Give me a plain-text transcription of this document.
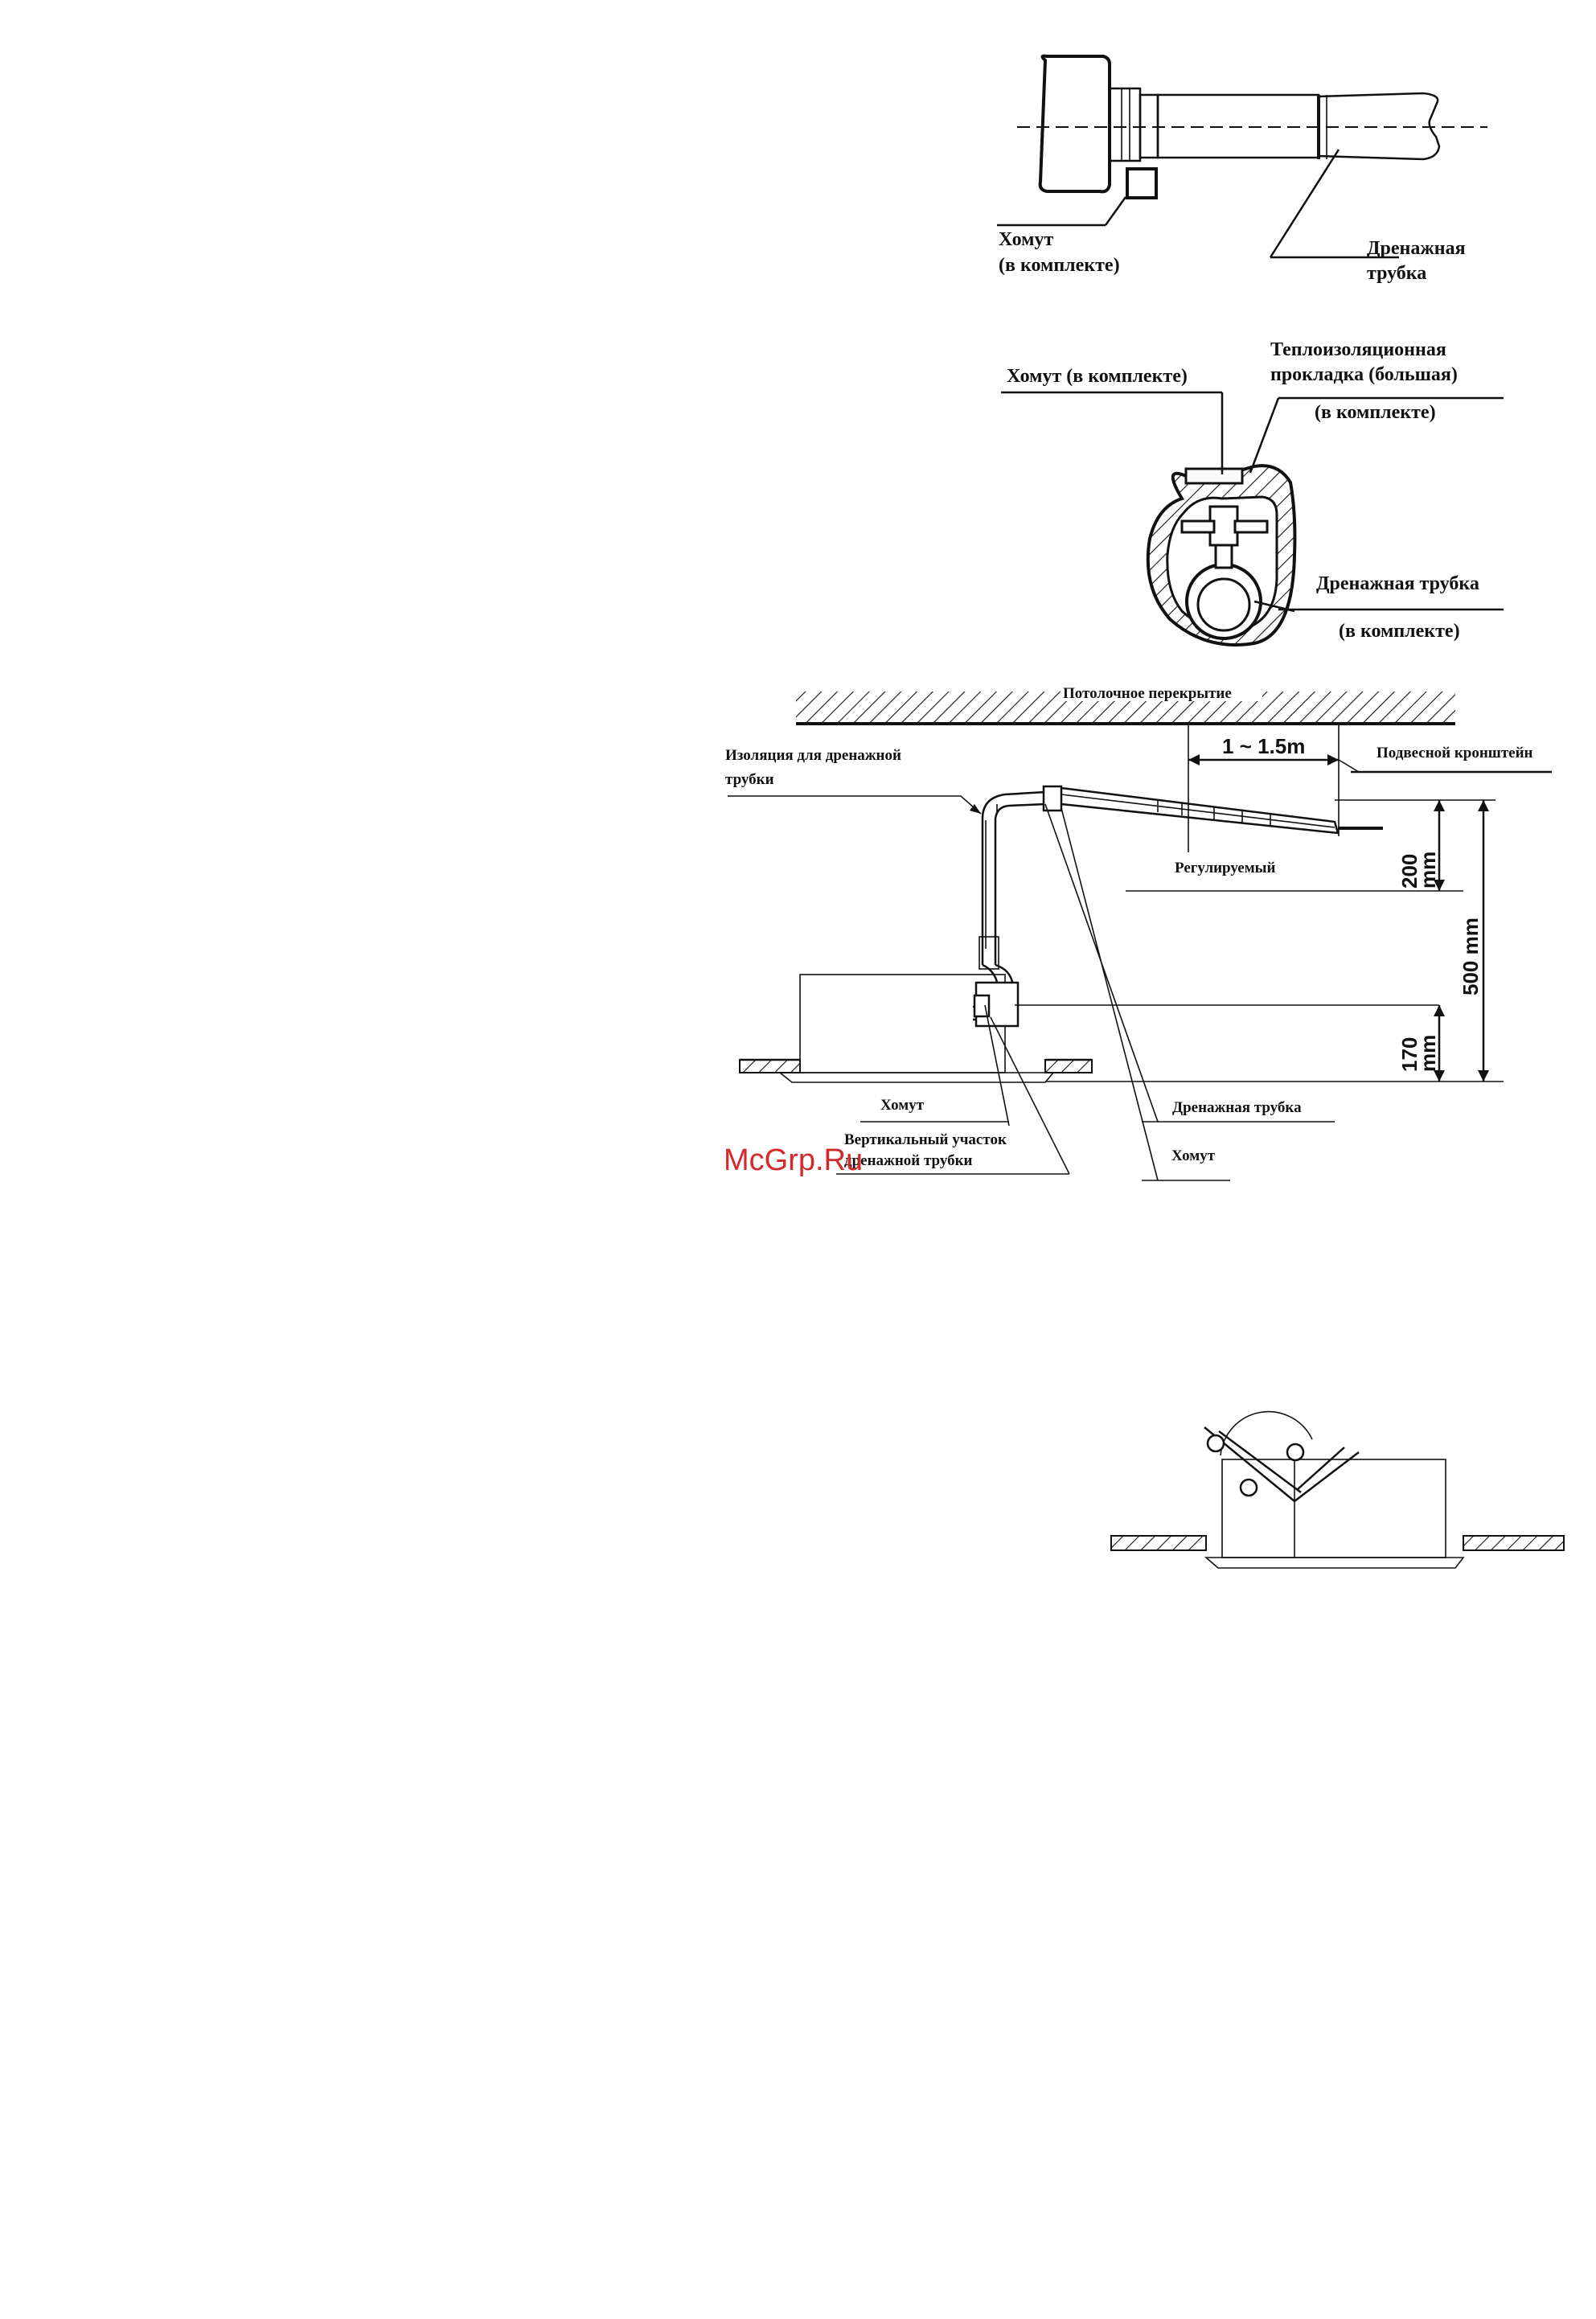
Хомут
(в комплекте)
Дренажная
трубка
Хомут (в комплекте)
Теплоизоляционная
прокладка (большая)
(в комплекте)
Дренажная трубка
(в комплекте)
Потолочное перекрытие
1 ~ 1.5m	Подвесной кронштейн
200
mm
500 mm
170
mm
Регулируемый
Изоляция для дренажной
трубки
Дренажная трубка
Хомут
Хомут
Вертикальный участок
дренажной трубки
McGrp.Ru
